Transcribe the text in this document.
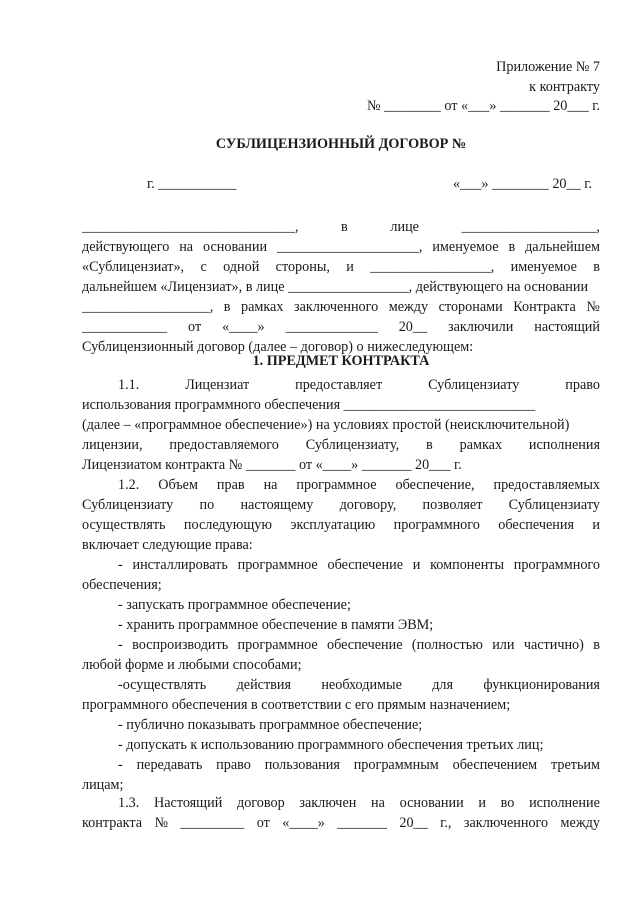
Приложение № 7
к контракту
№ ________ от «___» _______ 20___ г.
СУБЛИЦЕНЗИОННЫЙ ДОГОВОР №
г. ___________	«___» ________ 20__ г.
______________________________,	в	лице	___________________,
действующего на основании ____________________, именуемое в дальнейшем
«Сублицензиат», с одной стороны, и _________________, именуемое в
дальнейшем «Лицензиат», в лице _________________, действующего на основании
__________________, в рамках заключенного между сторонами Контракта №
____________ от «____» _____________ 20__ заключили настоящий
Сублицензионный договор (далее – договор) о нижеследующем:
1. ПРЕДМЕТ КОНТРАКТА
1.1.	Лицензиат	предоставляет	Сублицензиату	право
использования программного обеспечения ___________________________
(далее – «программное обеспечение») на условиях простой (неисключительной)
лицензии, предоставляемого Сублицензиату, в рамках исполнения
Лицензиатом контракта № _______ от «____» _______ 20___ г.
1.2. Объем прав на программное обеспечение, предоставляемых
Сублицензиату по настоящему договору, позволяет Сублицензиату
осуществлять последующую эксплуатацию программного обеспечения и
включает следующие права:
- инсталлировать программное обеспечение и компоненты программного
обеспечения;
- запускать программное обеспечение;
- хранить программное обеспечение в памяти ЭВМ;
- воспроизводить программное обеспечение (полностью или частично) в
любой форме и любыми способами;
-осуществлять действия необходимые для функционирования
программного обеспечения в соответствии с его прямым назначением;
- публично показывать программное обеспечение;
- допускать к использованию программного обеспечения третьих лиц;
- передавать право пользования программным обеспечением третьим
лицам;
1.3. Настоящий договор заключен на основании и во исполнение
контракта № _________ от «____» _______ 20__ г., заключенного между
